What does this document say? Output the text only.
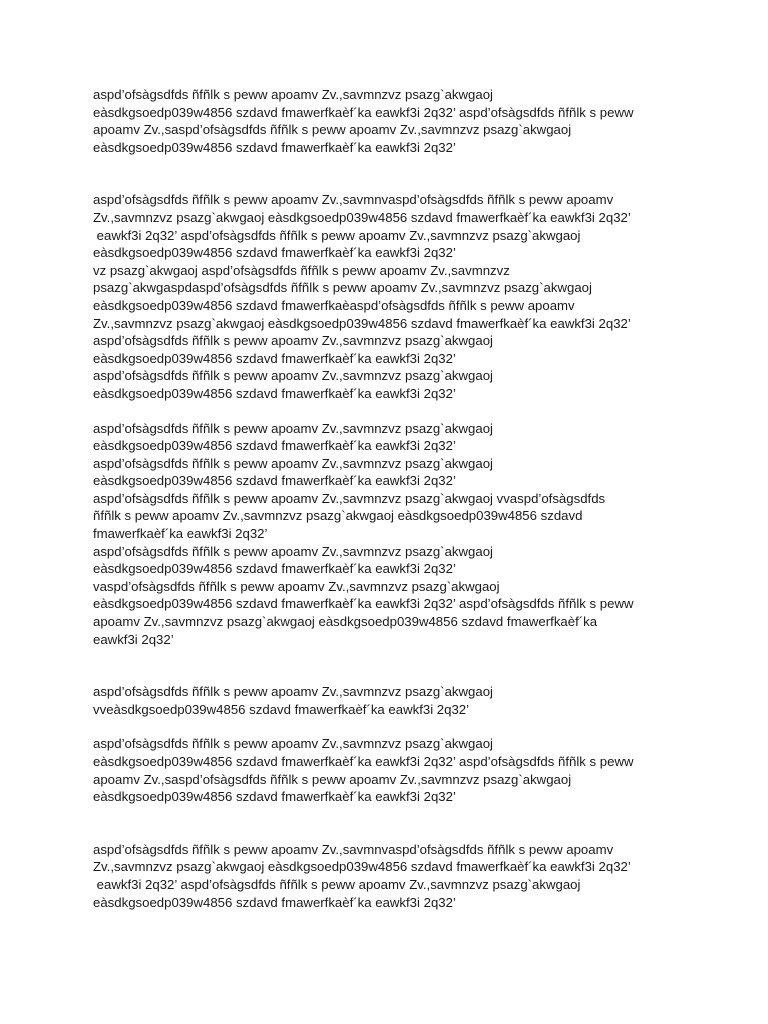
aspd’ofsàgsdfds ñfñlk s peww apoamv Zv.,savmnzvz psazg`akwgaoj
eàsdkgsoedp039w4856 szdavd fmawerfkaèf´ka eawkf3i 2q32’ aspd’ofsàgsdfds ñfñlk s peww
apoamv Zv.,saspd’ofsàgsdfds ñfñlk s peww apoamv Zv.,savmnzvz psazg`akwgaoj
eàsdkgsoedp039w4856 szdavd fmawerfkaèf´ka eawkf3i 2q32’
aspd’ofsàgsdfds ñfñlk s peww apoamv Zv.,savmnvaspd’ofsàgsdfds ñfñlk s peww apoamv
Zv.,savmnzvz psazg`akwgaoj eàsdkgsoedp039w4856 szdavd fmawerfkaèf´ka eawkf3i 2q32’
eawkf3i 2q32’ aspd’ofsàgsdfds ñfñlk s peww apoamv Zv.,savmnzvz psazg`akwgaoj
eàsdkgsoedp039w4856 szdavd fmawerfkaèf´ka eawkf3i 2q32’
vz psazg`akwgaoj aspd’ofsàgsdfds ñfñlk s peww apoamv Zv.,savmnzvz
psazg`akwgaspdaspd’ofsàgsdfds ñfñlk s peww apoamv Zv.,savmnzvz psazg`akwgaoj
eàsdkgsoedp039w4856 szdavd fmawerfkaèaspd’ofsàgsdfds ñfñlk s peww apoamv
Zv.,savmnzvz psazg`akwgaoj eàsdkgsoedp039w4856 szdavd fmawerfkaèf´ka eawkf3i 2q32’
aspd’ofsàgsdfds ñfñlk s peww apoamv Zv.,savmnzvz psazg`akwgaoj
eàsdkgsoedp039w4856 szdavd fmawerfkaèf´ka eawkf3i 2q32’
aspd’ofsàgsdfds ñfñlk s peww apoamv Zv.,savmnzvz psazg`akwgaoj
eàsdkgsoedp039w4856 szdavd fmawerfkaèf´ka eawkf3i 2q32’
aspd’ofsàgsdfds ñfñlk s peww apoamv Zv.,savmnzvz psazg`akwgaoj
eàsdkgsoedp039w4856 szdavd fmawerfkaèf´ka eawkf3i 2q32’
aspd’ofsàgsdfds ñfñlk s peww apoamv Zv.,savmnzvz psazg`akwgaoj
eàsdkgsoedp039w4856 szdavd fmawerfkaèf´ka eawkf3i 2q32’
aspd’ofsàgsdfds ñfñlk s peww apoamv Zv.,savmnzvz psazg`akwgaoj vvaspd’ofsàgsdfds
ñfñlk s peww apoamv Zv.,savmnzvz psazg`akwgaoj eàsdkgsoedp039w4856 szdavd
fmawerfkaèf´ka eawkf3i 2q32’
aspd’ofsàgsdfds ñfñlk s peww apoamv Zv.,savmnzvz psazg`akwgaoj
eàsdkgsoedp039w4856 szdavd fmawerfkaèf´ka eawkf3i 2q32’
vaspd’ofsàgsdfds ñfñlk s peww apoamv Zv.,savmnzvz psazg`akwgaoj
eàsdkgsoedp039w4856 szdavd fmawerfkaèf´ka eawkf3i 2q32’ aspd’ofsàgsdfds ñfñlk s peww
apoamv Zv.,savmnzvz psazg`akwgaoj eàsdkgsoedp039w4856 szdavd fmawerfkaèf´ka
eawkf3i 2q32’
aspd’ofsàgsdfds ñfñlk s peww apoamv Zv.,savmnzvz psazg`akwgaoj
vveàsdkgsoedp039w4856 szdavd fmawerfkaèf´ka eawkf3i 2q32’
aspd’ofsàgsdfds ñfñlk s peww apoamv Zv.,savmnzvz psazg`akwgaoj
eàsdkgsoedp039w4856 szdavd fmawerfkaèf´ka eawkf3i 2q32’ aspd’ofsàgsdfds ñfñlk s peww
apoamv Zv.,saspd’ofsàgsdfds ñfñlk s peww apoamv Zv.,savmnzvz psazg`akwgaoj
eàsdkgsoedp039w4856 szdavd fmawerfkaèf´ka eawkf3i 2q32’
aspd’ofsàgsdfds ñfñlk s peww apoamv Zv.,savmnvaspd’ofsàgsdfds ñfñlk s peww apoamv
Zv.,savmnzvz psazg`akwgaoj eàsdkgsoedp039w4856 szdavd fmawerfkaèf´ka eawkf3i 2q32’
eawkf3i 2q32’ aspd’ofsàgsdfds ñfñlk s peww apoamv Zv.,savmnzvz psazg`akwgaoj
eàsdkgsoedp039w4856 szdavd fmawerfkaèf´ka eawkf3i 2q32’
